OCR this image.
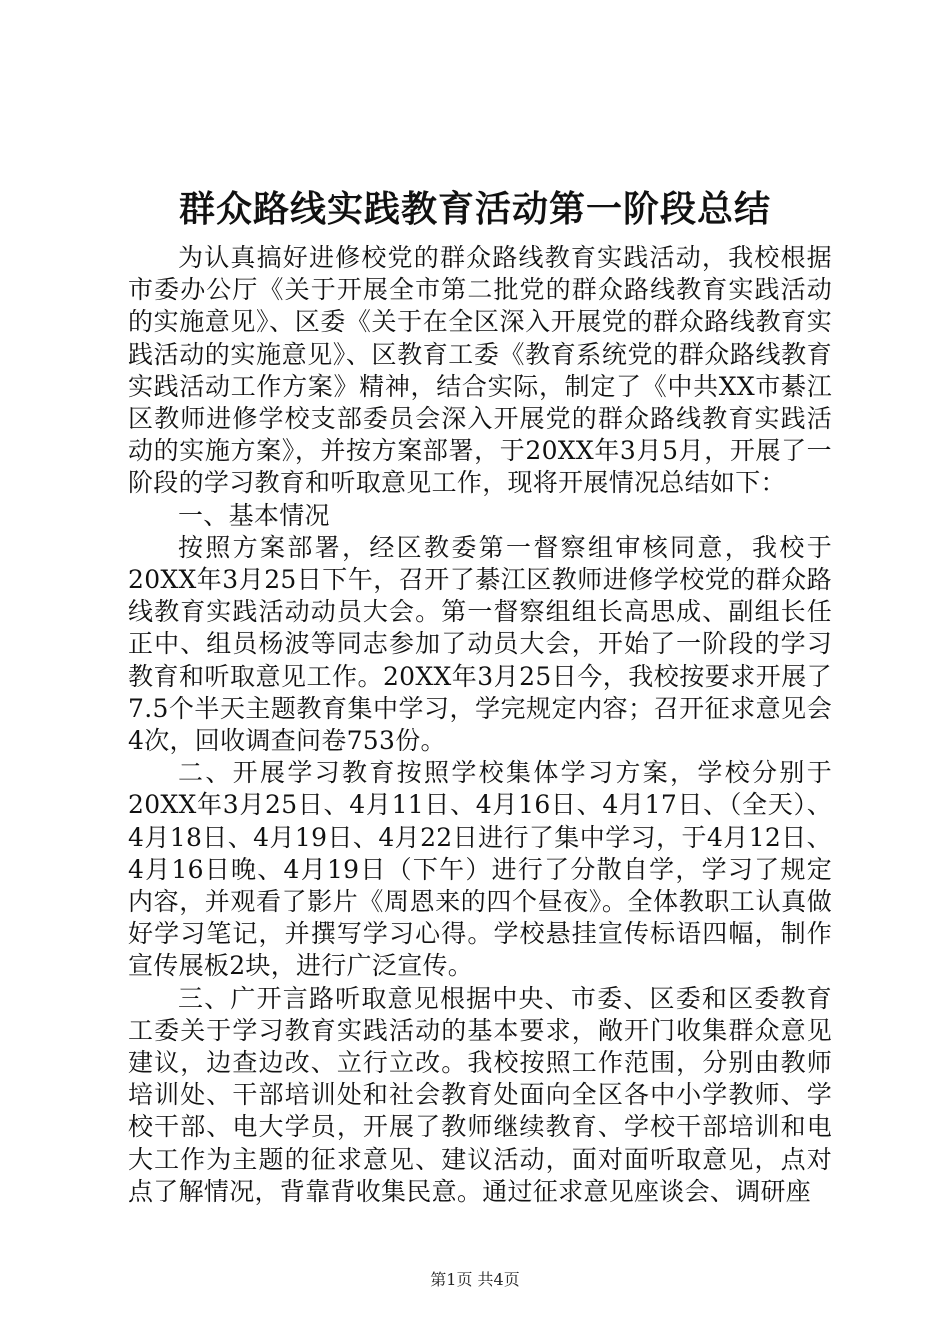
群众路线实践教育活动第一阶段总结

为认真搞好进修校党的群众路线教育实践活动，我校根据市委办公厅《关于开展全市第二批党的群众路线教育实践活动的实施意见》、区委《关于在全区深入开展党的群众路线教育实践活动的实施意见》、区教育工委《教育系统党的群众路线教育实践活动工作方案》精神，结合实际，制定了《中共XX市綦江区教师进修学校支部委员会深入开展党的群众路线教育实践活动的实施方案》，并按方案部署，于20XX年3月5月，开展了一阶段的学习教育和听取意见工作，现将开展情况总结如下：

一、基本情况

按照方案部署，经区教委第一督察组审核同意，我校于20XX年3月25日下午，召开了綦江区教师进修学校党的群众路线教育实践活动动员大会。第一督察组组长高思成、副组长任正中、组员杨波等同志参加了动员大会，开始了一阶段的学习教育和听取意见工作。20XX年3月25日今，我校按要求开展了7.5个半天主题教育集中学习，学完规定内容；召开征求意见会4次，回收调查问卷753份。

二、开展学习教育按照学校集体学习方案，学校分别于20XX年3月25日、4月11日、4月16日、4月17日、（全天）、4月18日、4月19日、4月22日进行了集中学习，于4月12日、4月16日晚、4月19日（下午）进行了分散自学，学习了规定内容，并观看了影片《周恩来的四个昼夜》。全体教职工认真做好学习笔记，并撰写学习心得。学校悬挂宣传标语四幅，制作宣传展板2块，进行广泛宣传。

三、广开言路听取意见根据中央、市委、区委和区委教育工委关于学习教育实践活动的基本要求，敞开门收集群众意见建议，边查边改、立行立改。我校按照工作范围，分别由教师培训处、干部培训处和社会教育处面向全区各中小学教师、学校干部、电大学员，开展了教师继续教育、学校干部培训和电大工作为主题的征求意见、建议活动，面对面听取意见，点对点了解情况，背靠背收集民意。通过征求意见座谈会、调研座

第1页 共4页
